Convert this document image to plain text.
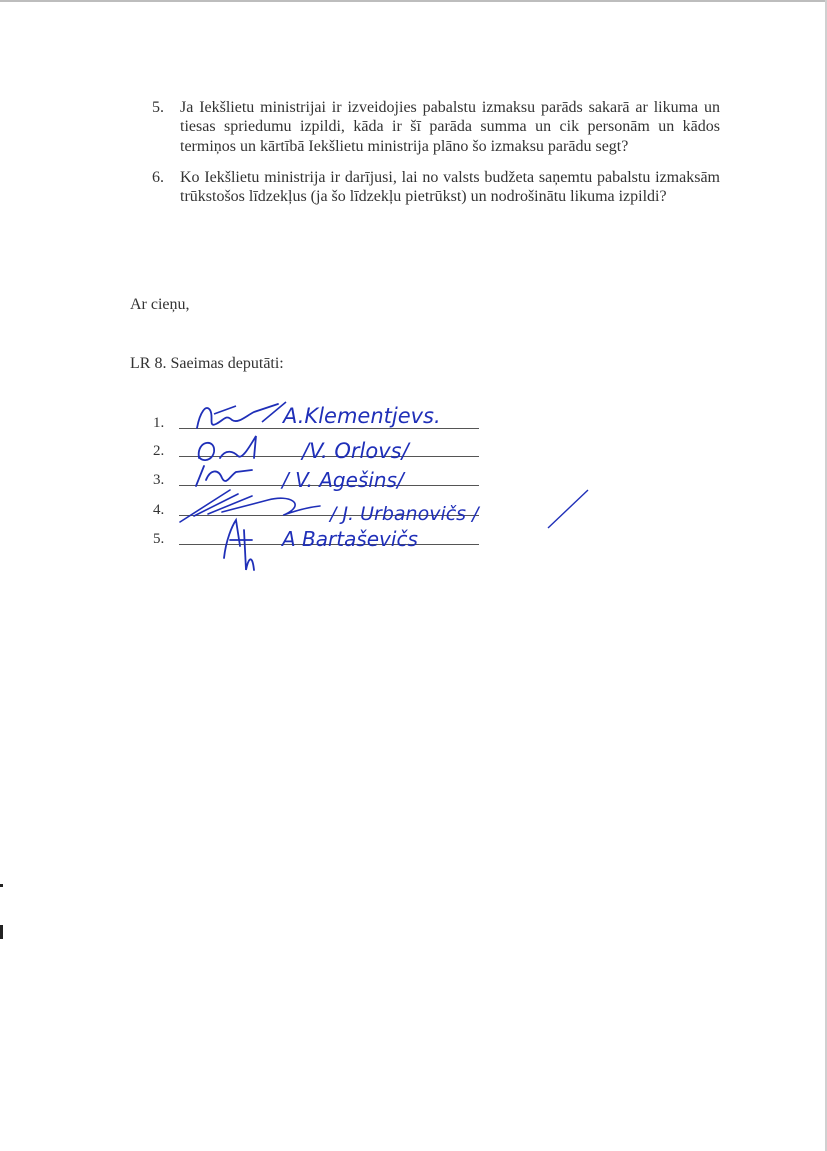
5.	Ja Iekšlietu ministrijai ir izveidojies pabalstu izmaksu parāds sakarā ar likuma un tiesas spriedumu izpildi, kāda ir šī parāda summa un cik personām un kādos termiņos un kārtībā Iekšlietu ministrija plāno šo izmaksu parādu segt?
6.	Ko Iekšlietu ministrija ir darījusi, lai no valsts budžeta saņemtu pabalstu izmaksām trūkstošos līdzekļus (ja šo līdzekļu pietrūkst) un nodrošinātu likuma izpildi?
Ar cieņu,
LR 8. Saeimas deputāti:
1.
2.
3.
4.
5.
A.Klementjevs.
/V. Orlovs/
/ V. Agešins/
/ J. Urbanovičs /
A Bartaševičs
